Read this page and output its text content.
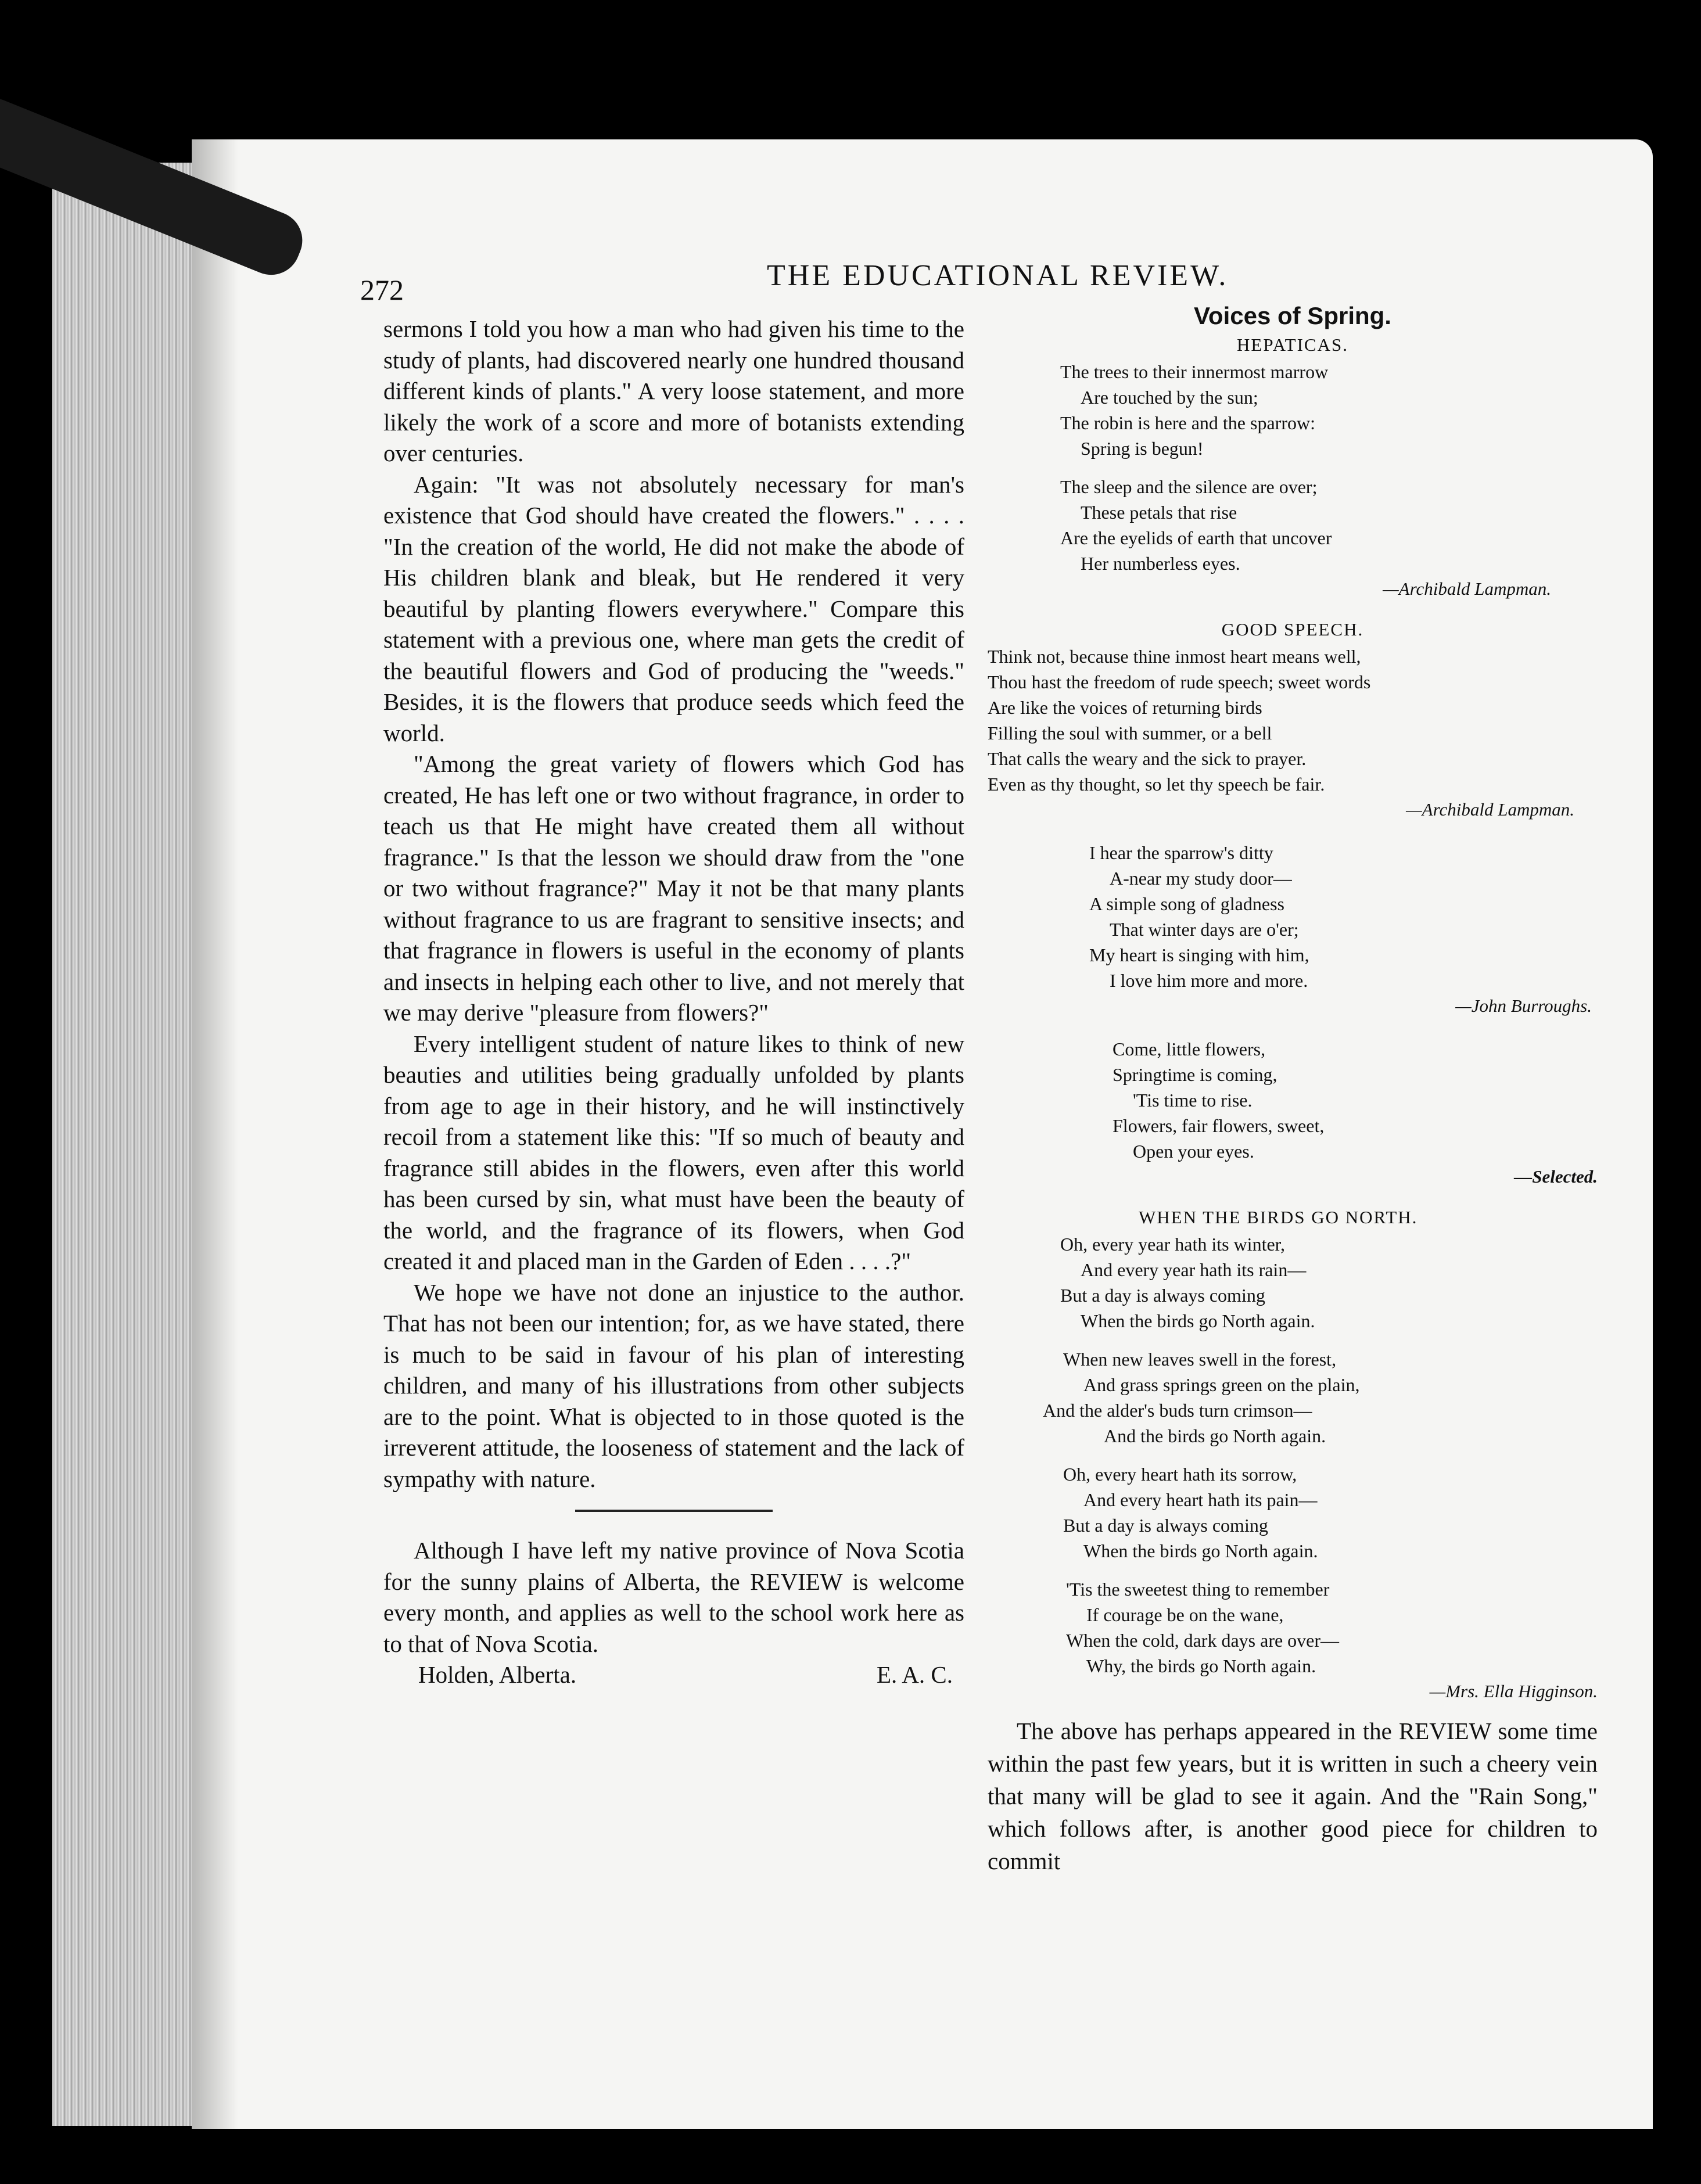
272	THE EDUCATIONAL REVIEW.

sermons I told you how a man who had given his time to the study of plants, had discovered nearly one hundred thousand different kinds of plants." A very loose statement, and more likely the work of a score and more of botanists extending over centuries.

Again: "It was not absolutely necessary for man's existence that God should have created the flowers." . . . . "In the creation of the world, He did not make the abode of His children blank and bleak, but He rendered it very beautiful by planting flowers everywhere." Compare this statement with a previous one, where man gets the credit of the beautiful flowers and God of producing the "weeds." Besides, it is the flowers that produce seeds which feed the world.

"Among the great variety of flowers which God has created, He has left one or two without fragrance, in order to teach us that He might have created them all without fragrance." Is that the lesson we should draw from the "one or two without fragrance?" May it not be that many plants without fragrance to us are fragrant to sensitive insects; and that fragrance in flowers is useful in the economy of plants and insects in helping each other to live, and not merely that we may derive "pleasure from flowers?"

Every intelligent student of nature likes to think of new beauties and utilities being gradually unfolded by plants from age to age in their history, and he will instinctively recoil from a statement like this: "If so much of beauty and fragrance still abides in the flowers, even after this world has been cursed by sin, what must have been the beauty of the world, and the fragrance of its flowers, when God created it and placed man in the Garden of Eden . . . .?"

We hope we have not done an injustice to the author. That has not been our intention; for, as we have stated, there is much to be said in favour of his plan of interesting children, and many of his illustrations from other subjects are to the point. What is objected to in those quoted is the irreverent attitude, the looseness of statement and the lack of sympathy with nature.

Although I have left my native province of Nova Scotia for the sunny plains of Alberta, the REVIEW is welcome every month, and applies as well to the school work here as to that of Nova Scotia.

Holden, Alberta.	E. A. C.

Voices of Spring.

HEPATICAS.

The trees to their innermost marrow

Are touched by the sun;

The robin is here and the sparrow:

Spring is begun!

The sleep and the silence are over;

These petals that rise

Are the eyelids of earth that uncover

Her numberless eyes.

—Archibald Lampman.

GOOD SPEECH.

Think not, because thine inmost heart means well,

Thou hast the freedom of rude speech; sweet words

Are like the voices of returning birds

Filling the soul with summer, or a bell

That calls the weary and the sick to prayer.

Even as thy thought, so let thy speech be fair.

—Archibald Lampman.

I hear the sparrow's ditty

A-near my study door—

A simple song of gladness

That winter days are o'er;

My heart is singing with him,

I love him more and more.

—John Burroughs.

Come, little flowers,

Springtime is coming,

'Tis time to rise.

Flowers, fair flowers, sweet,

Open your eyes.

—Selected.

WHEN THE BIRDS GO NORTH.

Oh, every year hath its winter,

And every year hath its rain—

But a day is always coming

When the birds go North again.

When new leaves swell in the forest,

And grass springs green on the plain,

And the alder's buds turn crimson—

And the birds go North again.

Oh, every heart hath its sorrow,

And every heart hath its pain—

But a day is always coming

When the birds go North again.

'Tis the sweetest thing to remember

If courage be on the wane,

When the cold, dark days are over—

Why, the birds go North again.

—Mrs. Ella Higginson.

The above has perhaps appeared in the REVIEW some time within the past few years, but it is written in such a cheery vein that many will be glad to see it again. And the "Rain Song," which follows after, is another good piece for children to commit
